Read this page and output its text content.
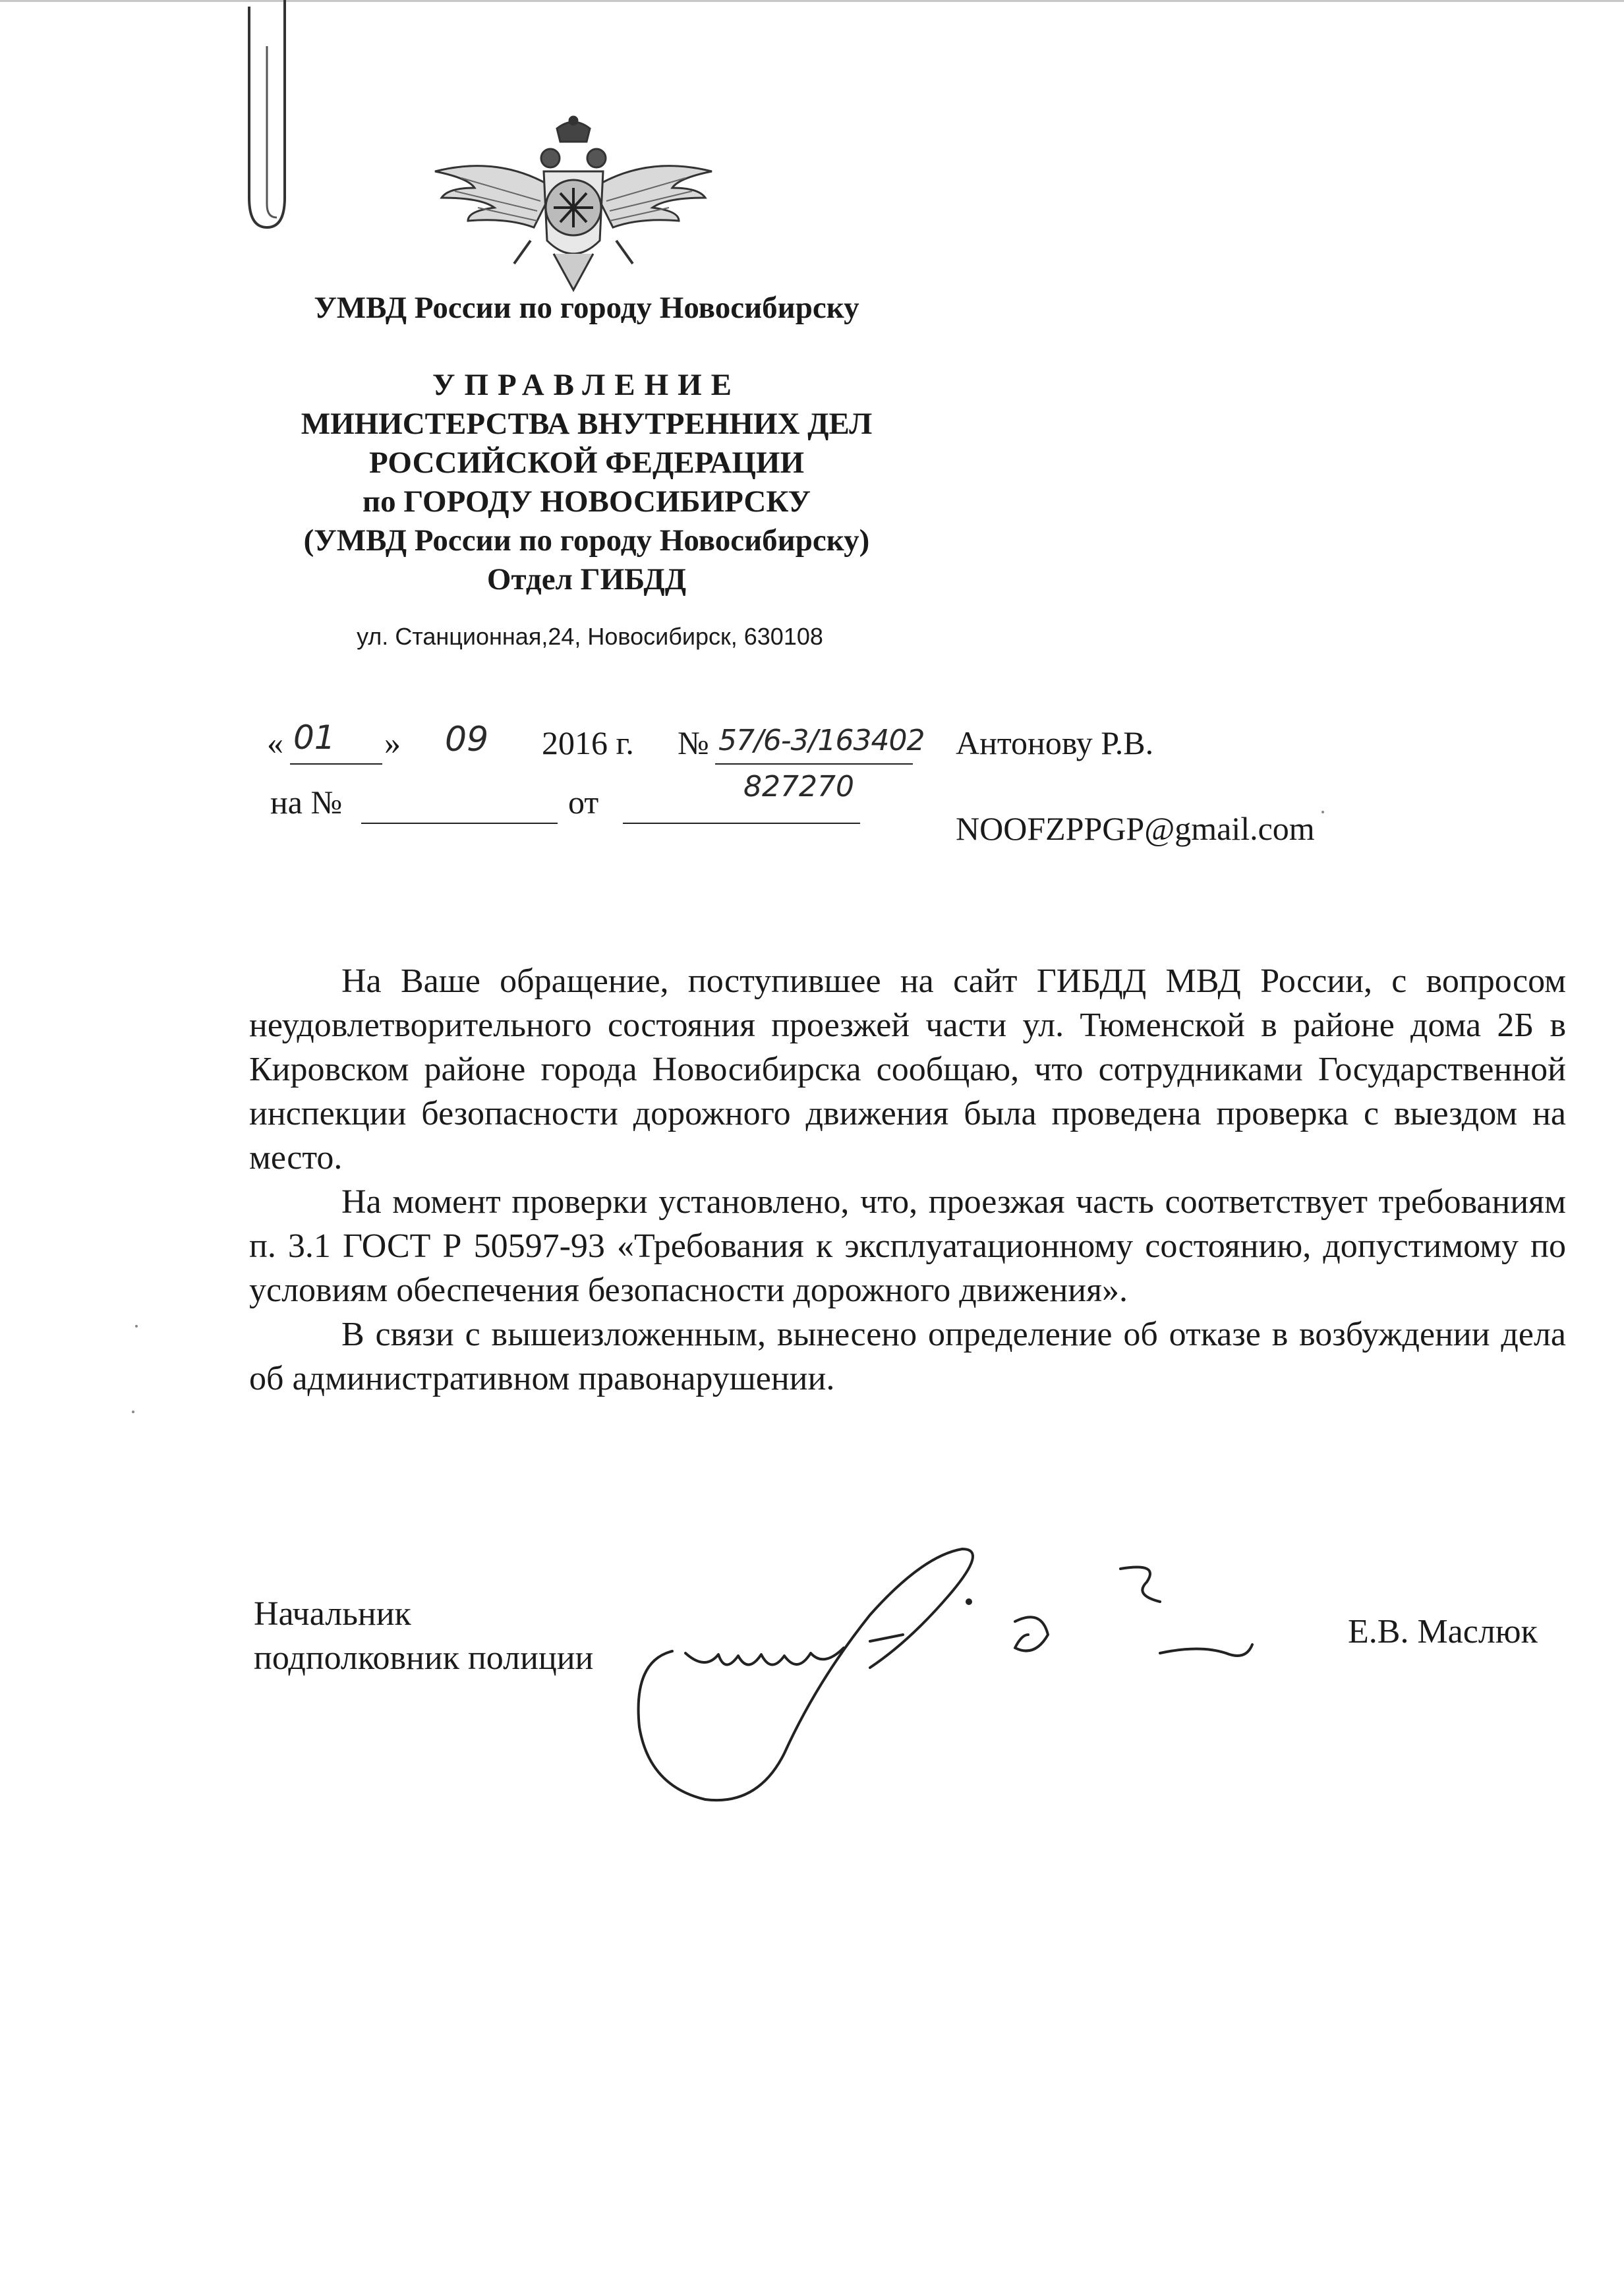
УМВД России по городу Новосибирску
УПРАВЛЕНИЕ
МИНИСТЕРСТВА ВНУТРЕННИХ ДЕЛ
РОССИЙСКОЙ ФЕДЕРАЦИИ
по ГОРОДУ НОВОСИБИРСКУ
(УМВД России по городу Новосибирску)
Отдел ГИБДД
ул. Станционная,24, Новосибирск, 630108
« 01 » 09 2016 г. № 57/6-3/163402
на №	от	827270
Антонову Р.В.
NOOFZPPGP@gmail.com

На Ваше обращение, поступившее на сайт ГИБДД МВД России, с вопросом неудовлетворительного состояния проезжей части ул. Тюменской в районе дома 2Б в Кировском районе города Новосибирска сообщаю, что сотрудниками Государственной инспекции безопасности дорожного движения была проведена проверка с выездом на место.

На момент проверки установлено, что, проезжая часть соответствует требованиям п. 3.1 ГОСТ Р 50597-93 «Требования к эксплуатационному состоянию, допустимому по условиям обеспечения безопасности дорожного движения».

В связи с вышеизложенным, вынесено определение об отказе в возбуждении дела об административном правонарушении.

Начальник
подполковник полиции
Е.В. Маслюк
